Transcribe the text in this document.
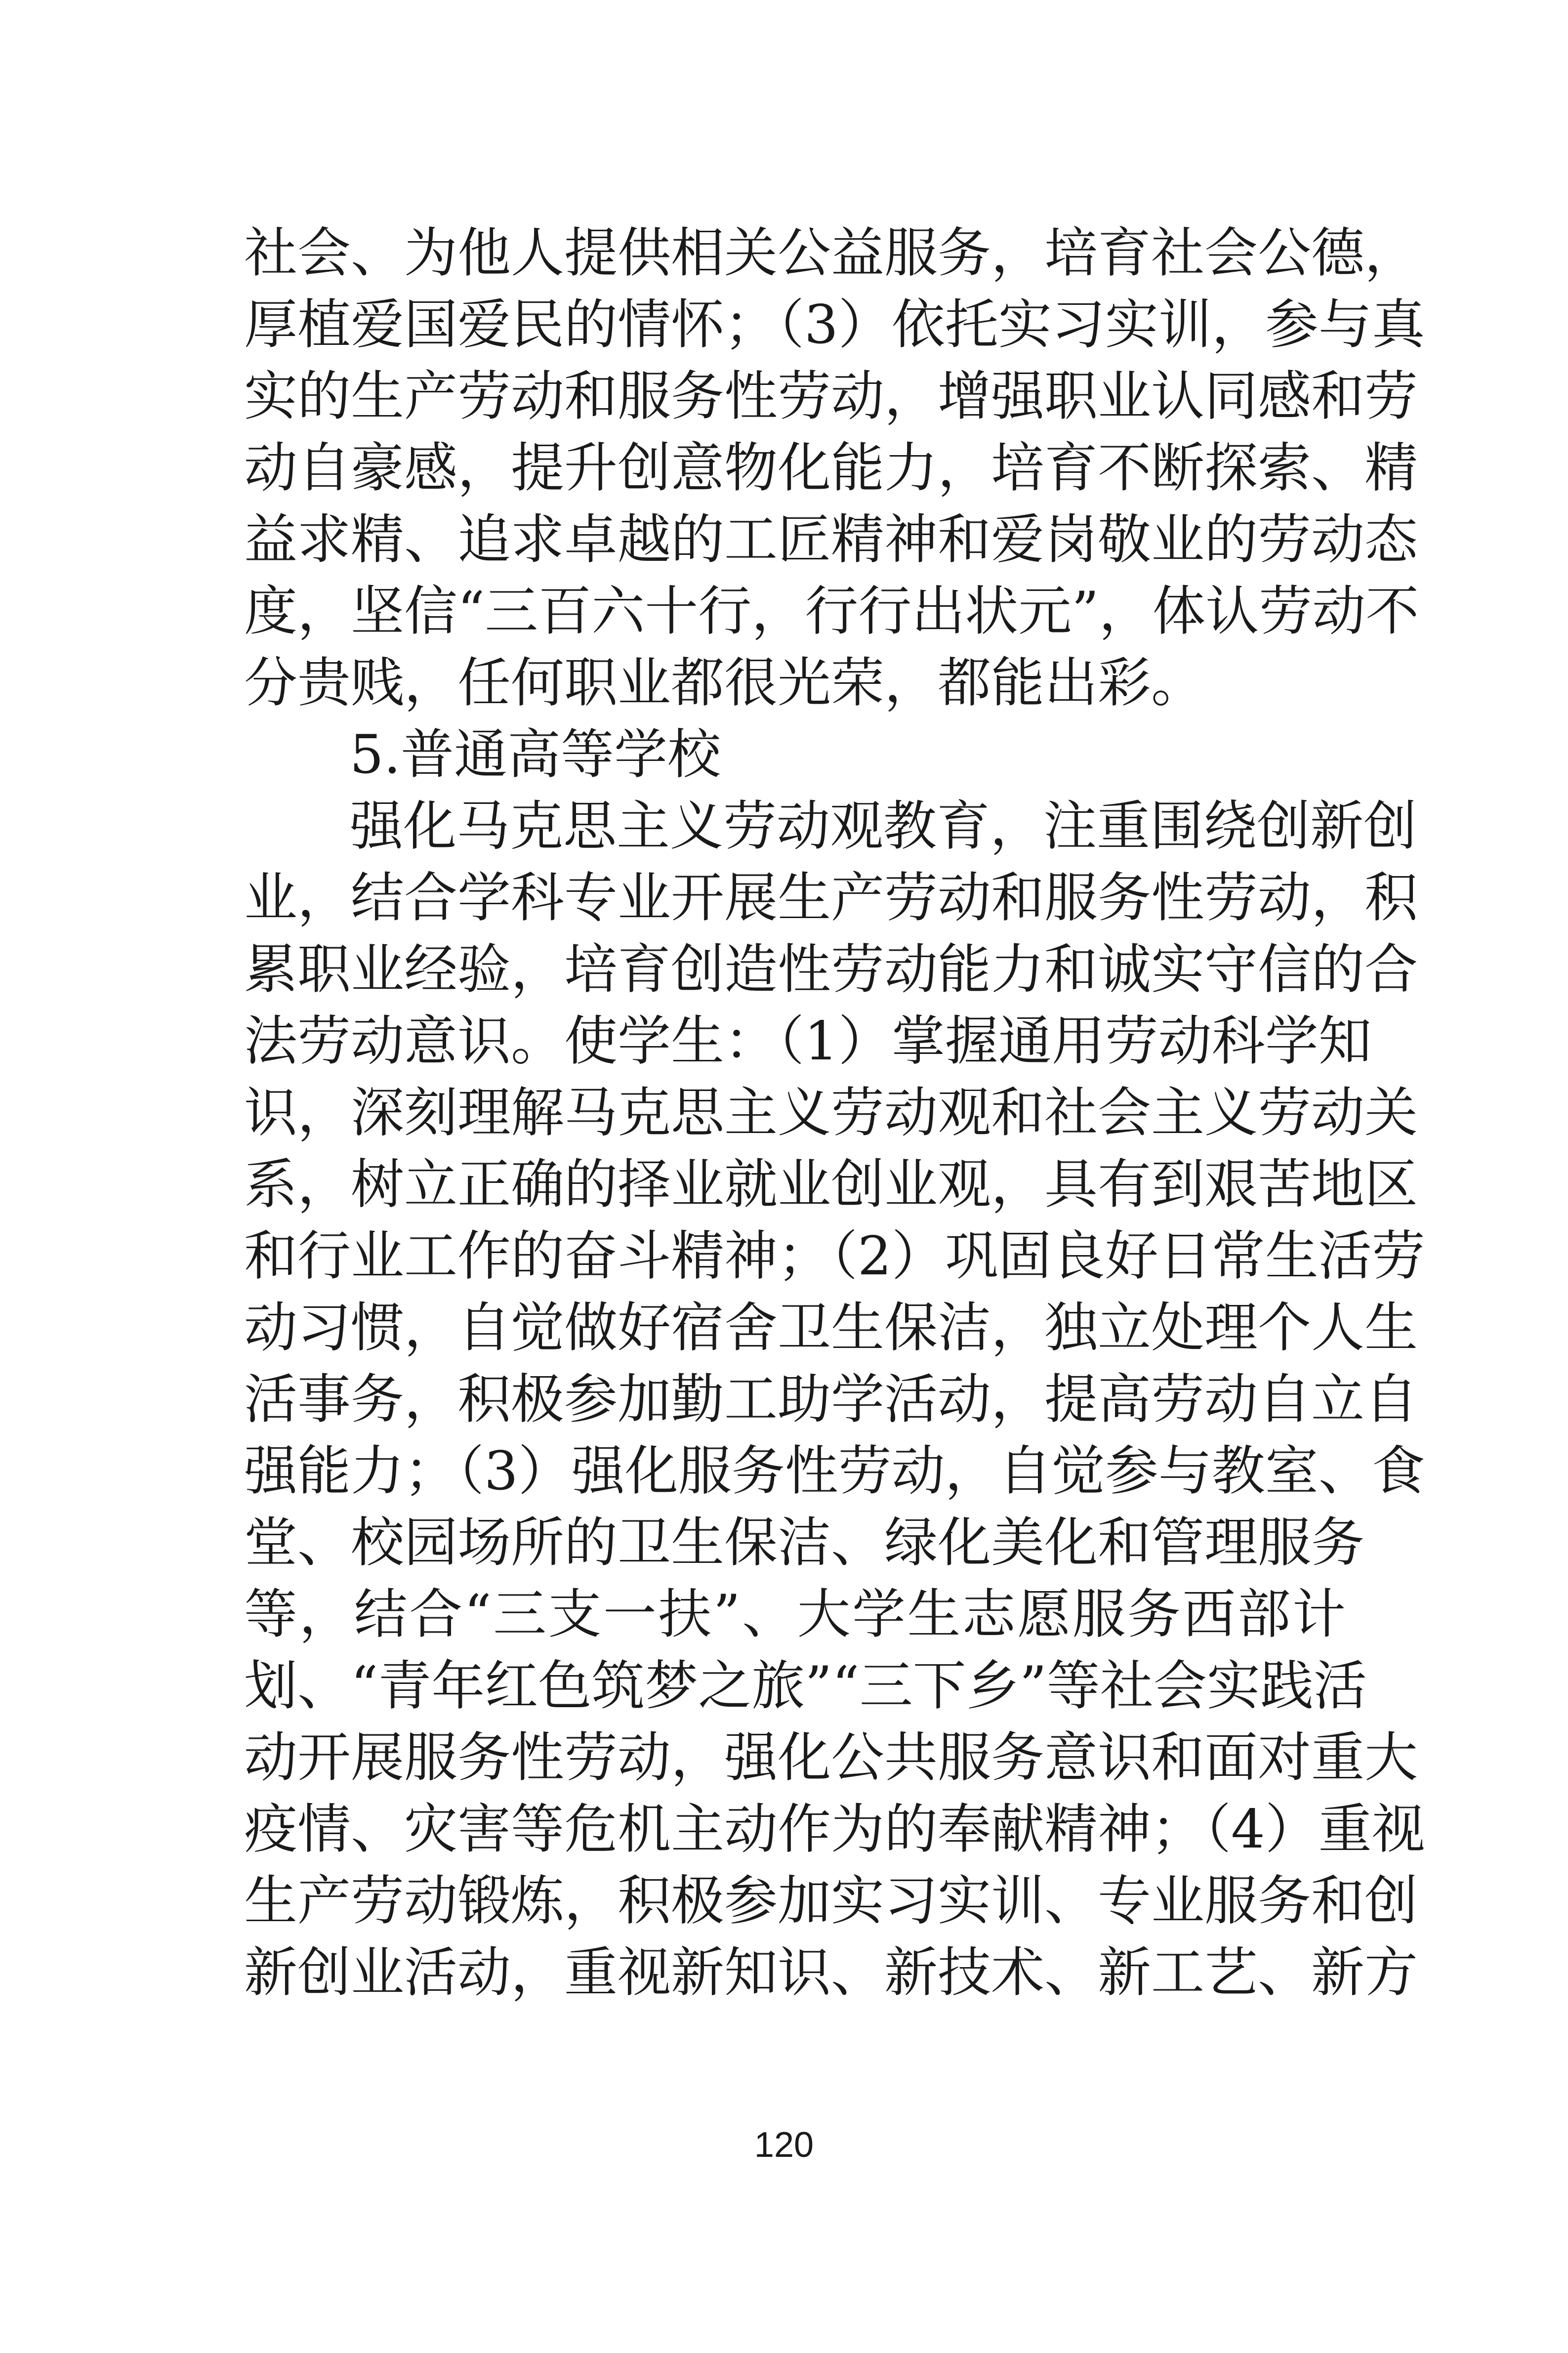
社会、为他人提供相关公益服务，培育社会公德，
厚植爱国爱民的情怀；（3）依托实习实训，参与真
实的生产劳动和服务性劳动，增强职业认同感和劳
动自豪感，提升创意物化能力，培育不断探索、精
益求精、追求卓越的工匠精神和爱岗敬业的劳动态
度，坚信“三百六十行，行行出状元”，体认劳动不
分贵贱，任何职业都很光荣，都能出彩。
5.普通高等学校
强化马克思主义劳动观教育，注重围绕创新创
业，结合学科专业开展生产劳动和服务性劳动，积
累职业经验，培育创造性劳动能力和诚实守信的合
法劳动意识。使学生：（1）掌握通用劳动科学知
识，深刻理解马克思主义劳动观和社会主义劳动关
系，树立正确的择业就业创业观，具有到艰苦地区
和行业工作的奋斗精神；（2）巩固良好日常生活劳
动习惯，自觉做好宿舍卫生保洁，独立处理个人生
活事务，积极参加勤工助学活动，提高劳动自立自
强能力；（3）强化服务性劳动，自觉参与教室、食
堂、校园场所的卫生保洁、绿化美化和管理服务
等，结合“三支一扶”、大学生志愿服务西部计
划、“青年红色筑梦之旅”“三下乡”等社会实践活
动开展服务性劳动，强化公共服务意识和面对重大
疫情、灾害等危机主动作为的奉献精神；（4）重视
生产劳动锻炼，积极参加实习实训、专业服务和创
新创业活动，重视新知识、新技术、新工艺、新方
120
